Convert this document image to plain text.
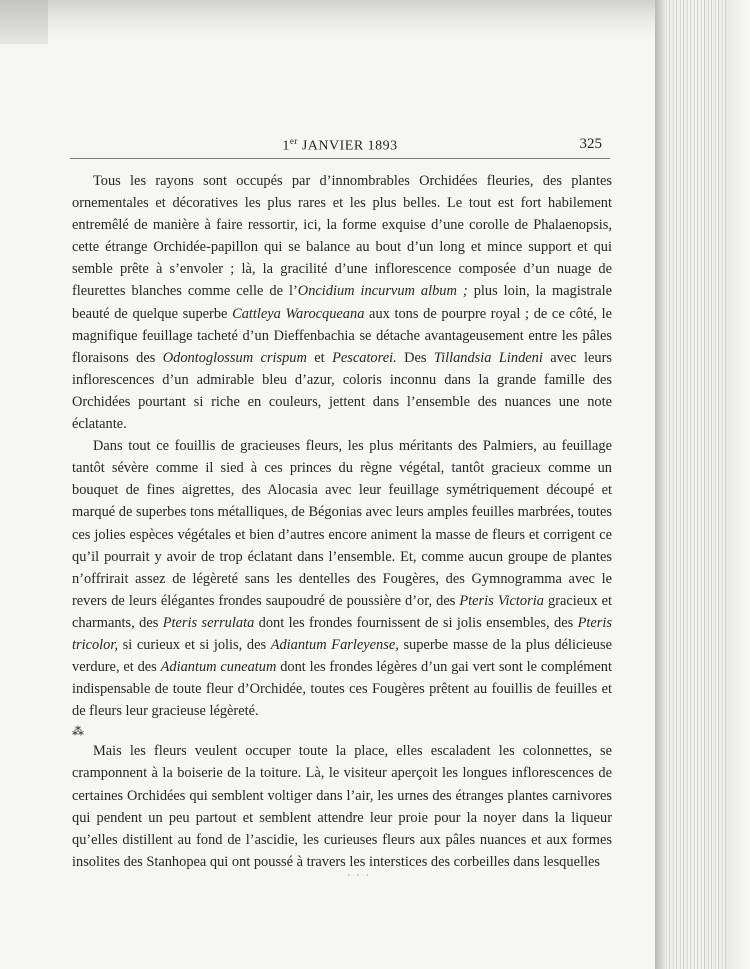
1er JANVIER 1893	325

Tous les rayons sont occupés par d’innombrables Orchidées fleuries, des plantes ornementales et décoratives les plus rares et les plus belles. Le tout est fort habilement entremêlé de manière à faire ressortir, ici, la forme exquise d’une corolle de Phalaenopsis, cette étrange Orchidée-papillon qui se balance au bout d’un long et mince support et qui semble prête à s’envoler ; là, la gracilité d’une inflorescence composée d’un nuage de fleurettes blanches comme celle de l’Oncidium incurvum album ; plus loin, la magistrale beauté de quelque superbe Cattleya Warocqueana aux tons de pourpre royal ; de ce côté, le magnifique feuillage tacheté d’un Dieffenbachia se détache avantageusement entre les pâles floraisons des Odontoglossum crispum et Pescatorei. Des Tillandsia Lindeni avec leurs inflorescences d’un admirable bleu d’azur, coloris inconnu dans la grande famille des Orchidées pourtant si riche en couleurs, jettent dans l’ensemble des nuances une note éclatante.

Dans tout ce fouillis de gracieuses fleurs, les plus méritants des Palmiers, au feuillage tantôt sévère comme il sied à ces princes du règne végétal, tantôt gracieux comme un bouquet de fines aigrettes, des Alocasia avec leur feuillage symétriquement découpé et marqué de superbes tons métalliques, de Bégonias avec leurs amples feuilles marbrées, toutes ces jolies espèces végétales et bien d’autres encore animent la masse de fleurs et corrigent ce qu’il pourrait y avoir de trop éclatant dans l’ensemble. Et, comme aucun groupe de plantes n’offrirait assez de légèreté sans les dentelles des Fougères, des Gymnogramma avec le revers de leurs élégantes frondes saupoudré de poussière d’or, des Pteris Victoria gracieux et charmants, des Pteris serrulata dont les frondes fournissent de si jolis ensembles, des Pteris tricolor, si curieux et si jolis, des Adiantum Farleyense, superbe masse de la plus délicieuse verdure, et des Adiantum cuneatum dont les frondes légères d’un gai vert sont le complément indispensable de toute fleur d’Orchidée, toutes ces Fougères prêtent au fouillis de feuilles et de fleurs leur gracieuse légèreté.

⁂

Mais les fleurs veulent occuper toute la place, elles escaladent les colonnettes, se cramponnent à la boiserie de la toiture. Là, le visiteur aperçoit les longues inflorescences de certaines Orchidées qui semblent voltiger dans l’air, les urnes des étranges plantes carnivores qui pendent un peu partout et semblent attendre leur proie pour la noyer dans la liqueur qu’elles distillent au fond de l’ascidie, les curieuses fleurs aux pâles nuances et aux formes insolites des Stanhopea qui ont poussé à travers les interstices des corbeilles dans lesquelles

· · ·
